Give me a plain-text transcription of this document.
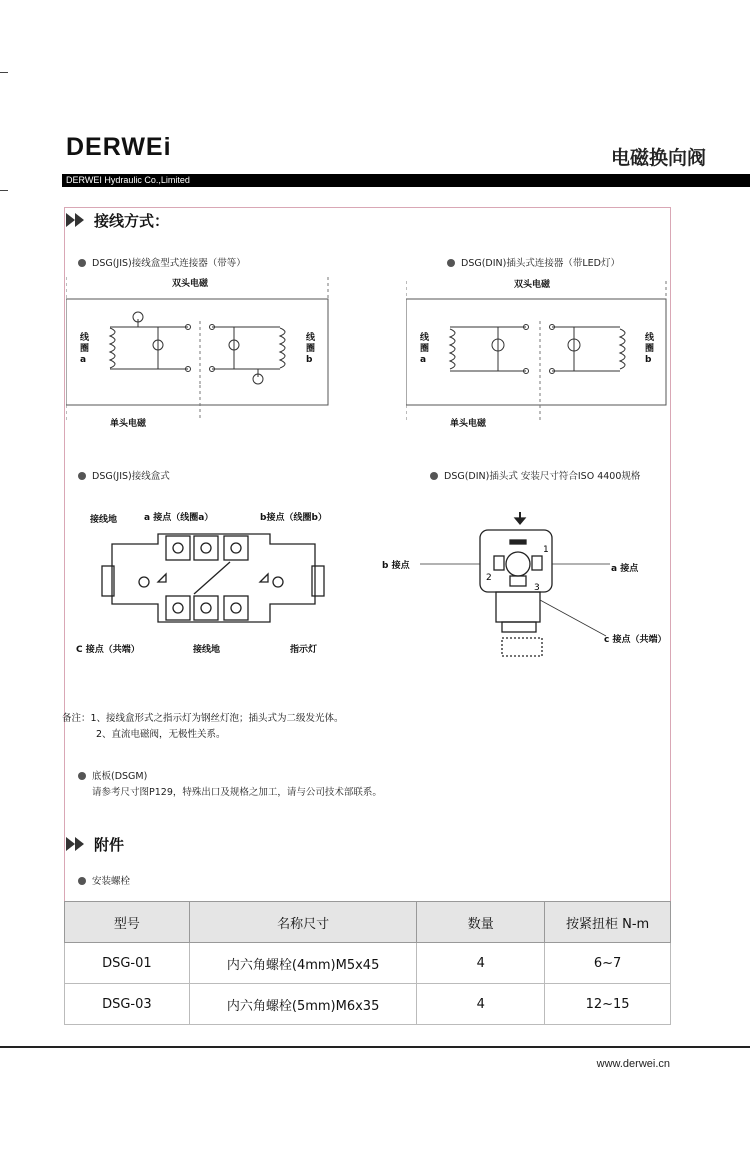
DERWEi	电磁换向阀
DERWEI Hydraulic Co.,Limited
接线方式：
DSG(JIS)接线盒型式连接器（带等）	DSG(DIN)插头式连接器（带LED灯）
双头电磁
单头电磁
线
圈
a
线
圈
b
双头电磁
单头电磁
线
圈
a
线
圈
b
DSG(JIS)接线盒式	DSG(DIN)插头式 安装尺寸符合ISO 4400规格
接线地	a 接点（线圈a）	b接点（线圈b）
C 接点（共端）	接线地	指示灯
1
2
3
b 接点	a 接点
c 接点（共端）
备注：1、接线盒形式之指示灯为钢丝灯泡；插头式为二级发光体。
2、直流电磁阀，无极性关系。
底板(DSGM)
请参考尺寸图P129，特殊出口及规格之加工，请与公司技术部联系。
附件
安装螺栓
型号	名称尺寸	数量	按紧扭柜 N-m
DSG-01	内六角螺栓(4mm)M5x45	4	6~7
DSG-03	内六角螺栓(5mm)M6x35	4	12~15
www.derwei.cn
